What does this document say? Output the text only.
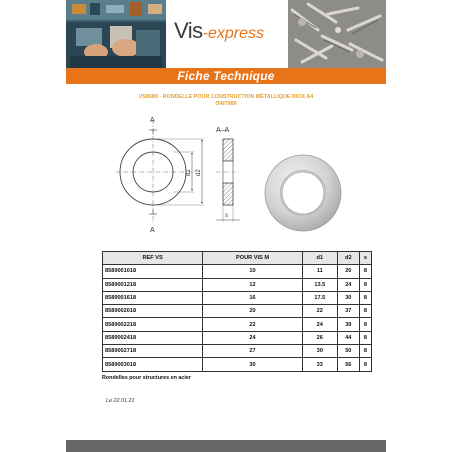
Vis-express
Fiche Technique
VS8589 - RONDELLE POUR CONSTRUCTION MÉTALLIQUE INOX A4
DIN7989
A
A
d1 d2
A–A
s
REF VS	POUR VIS M	d1	d2	s
8589001018	10	11	20	8
8589001218	12	13.5	24	8
8589001618	16	17.5	30	8
8589002018	20	22	37	8
8589002218	22	24	39	8
8589002418	24	26	44	8
8589002718	27	30	50	8
8589003018	30	33	56	8
Rondelles pour structures en acier
Le 22.01.21
